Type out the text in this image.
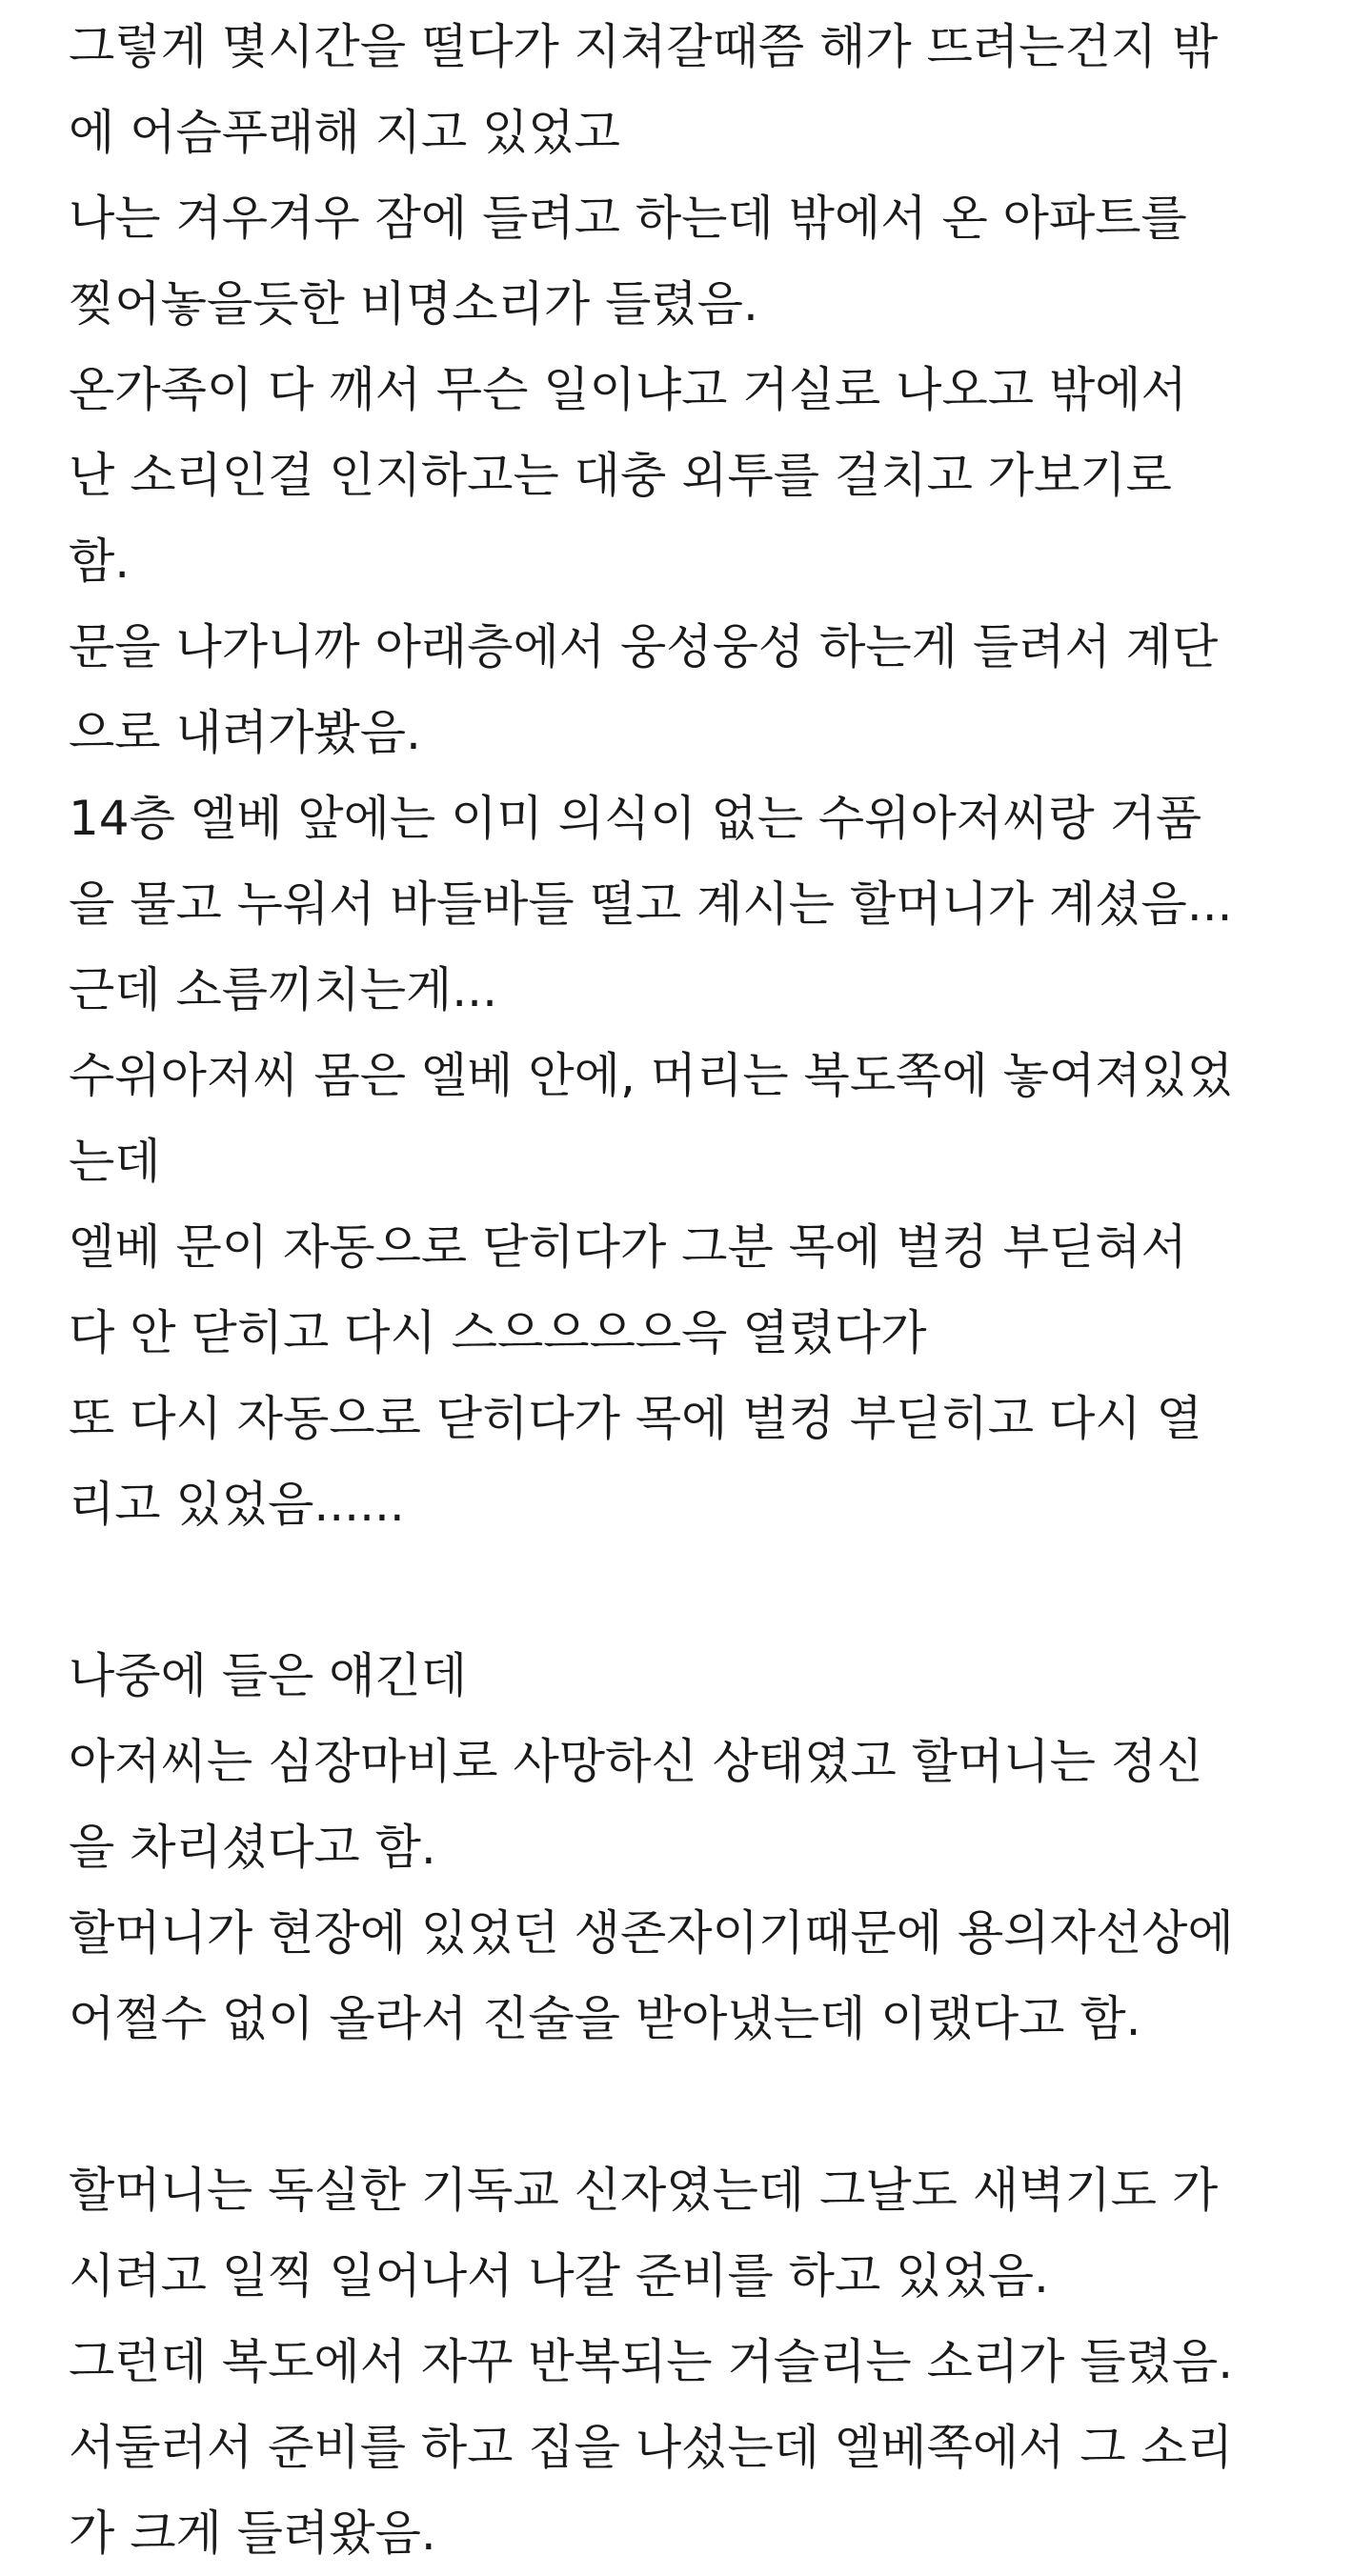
그렇게 몇시간을 떨다가 지쳐갈때쯤 해가 뜨려는건지 밖
에 어슴푸래해 지고 있었고
나는 겨우겨우 잠에 들려고 하는데 밖에서 온 아파트를
찢어놓을듯한 비명소리가 들렸음.
온가족이 다 깨서 무슨 일이냐고 거실로 나오고 밖에서
난 소리인걸 인지하고는 대충 외투를 걸치고 가보기로
함.
문을 나가니까 아래층에서 웅성웅성 하는게 들려서 계단
으로 내려가봤음.
14층 엘베 앞에는 이미 의식이 없는 수위아저씨랑 거품
을 물고 누워서 바들바들 떨고 계시는 할머니가 계셨음...
근데 소름끼치는게...
수위아저씨 몸은 엘베 안에, 머리는 복도쪽에 놓여져있었
는데
엘베 문이 자동으로 닫히다가 그분 목에 벌컹 부딛혀서
다 안 닫히고 다시 스으으으으윽 열렸다가
또 다시 자동으로 닫히다가 목에 벌컹 부딛히고 다시 열
리고 있었음......
나중에 들은 얘긴데
아저씨는 심장마비로 사망하신 상태였고 할머니는 정신
을 차리셨다고 함.
할머니가 현장에 있었던 생존자이기때문에 용의자선상에
어쩔수 없이 올라서 진술을 받아냈는데 이랬다고 함.
할머니는 독실한 기독교 신자였는데 그날도 새벽기도 가
시려고 일찍 일어나서 나갈 준비를 하고 있었음.
그런데 복도에서 자꾸 반복되는 거슬리는 소리가 들렸음.
서둘러서 준비를 하고 집을 나섰는데 엘베쪽에서 그 소리
가 크게 들려왔음.
